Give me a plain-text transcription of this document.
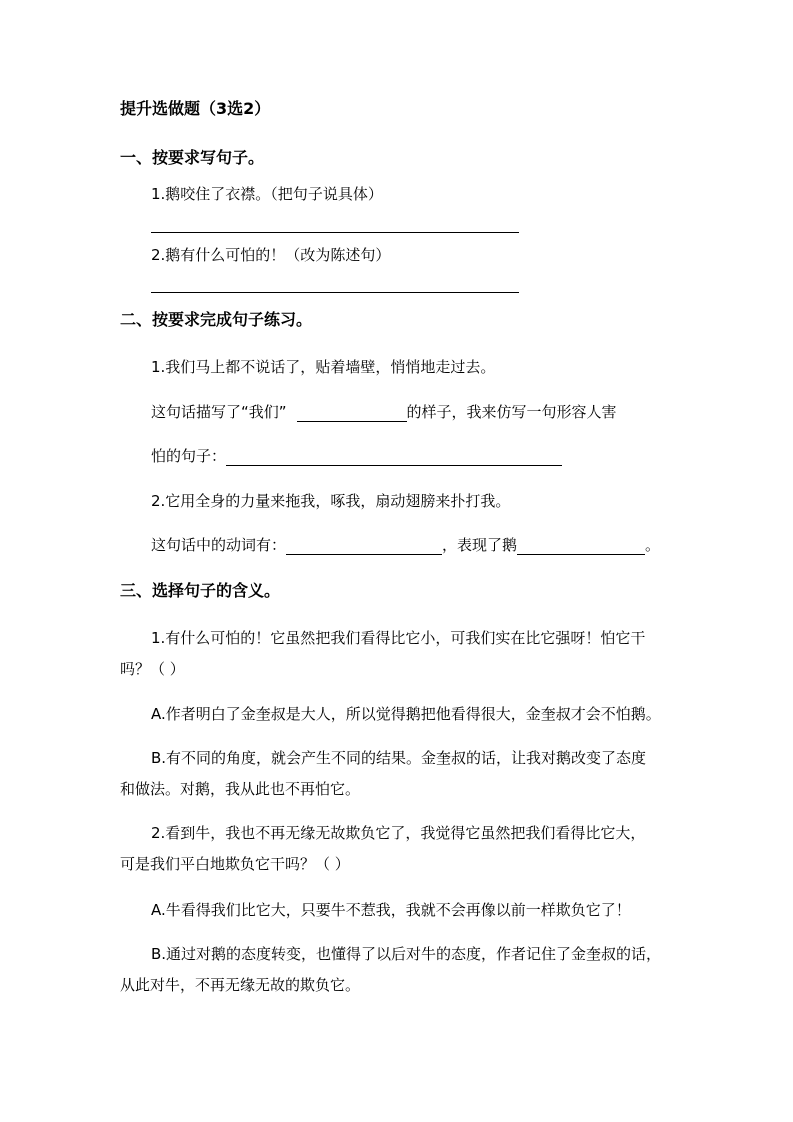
提升选做题（3选2）
一、按要求写句子。
1.鹅咬住了衣襟。（把句子说具体）
2.鹅有什么可怕的！（改为陈述句）
二、按要求完成句子练习。
1.我们马上都不说话了，贴着墙壁，悄悄地走过去。
这句话描写了“我们”	的样子，我来仿写一句形容人害
怕的句子：
2.它用全身的力量来拖我，啄我，扇动翅膀来扑打我。
这句话中的动词有：	，表现了鹅	。
三、选择句子的含义。
1.有什么可怕的！它虽然把我们看得比它小，可我们实在比它强呀！怕它干
吗？（ ）
A.作者明白了金奎叔是大人，所以觉得鹅把他看得很大，金奎叔才会不怕鹅。
B.有不同的角度，就会产生不同的结果。金奎叔的话，让我对鹅改变了态度
和做法。对鹅，我从此也不再怕它。
2.看到牛，我也不再无缘无故欺负它了，我觉得它虽然把我们看得比它大，
可是我们平白地欺负它干吗？（ ）
A.牛看得我们比它大，只要牛不惹我，我就不会再像以前一样欺负它了！
B.通过对鹅的态度转变，也懂得了以后对牛的态度，作者记住了金奎叔的话，
从此对牛，不再无缘无故的欺负它。
